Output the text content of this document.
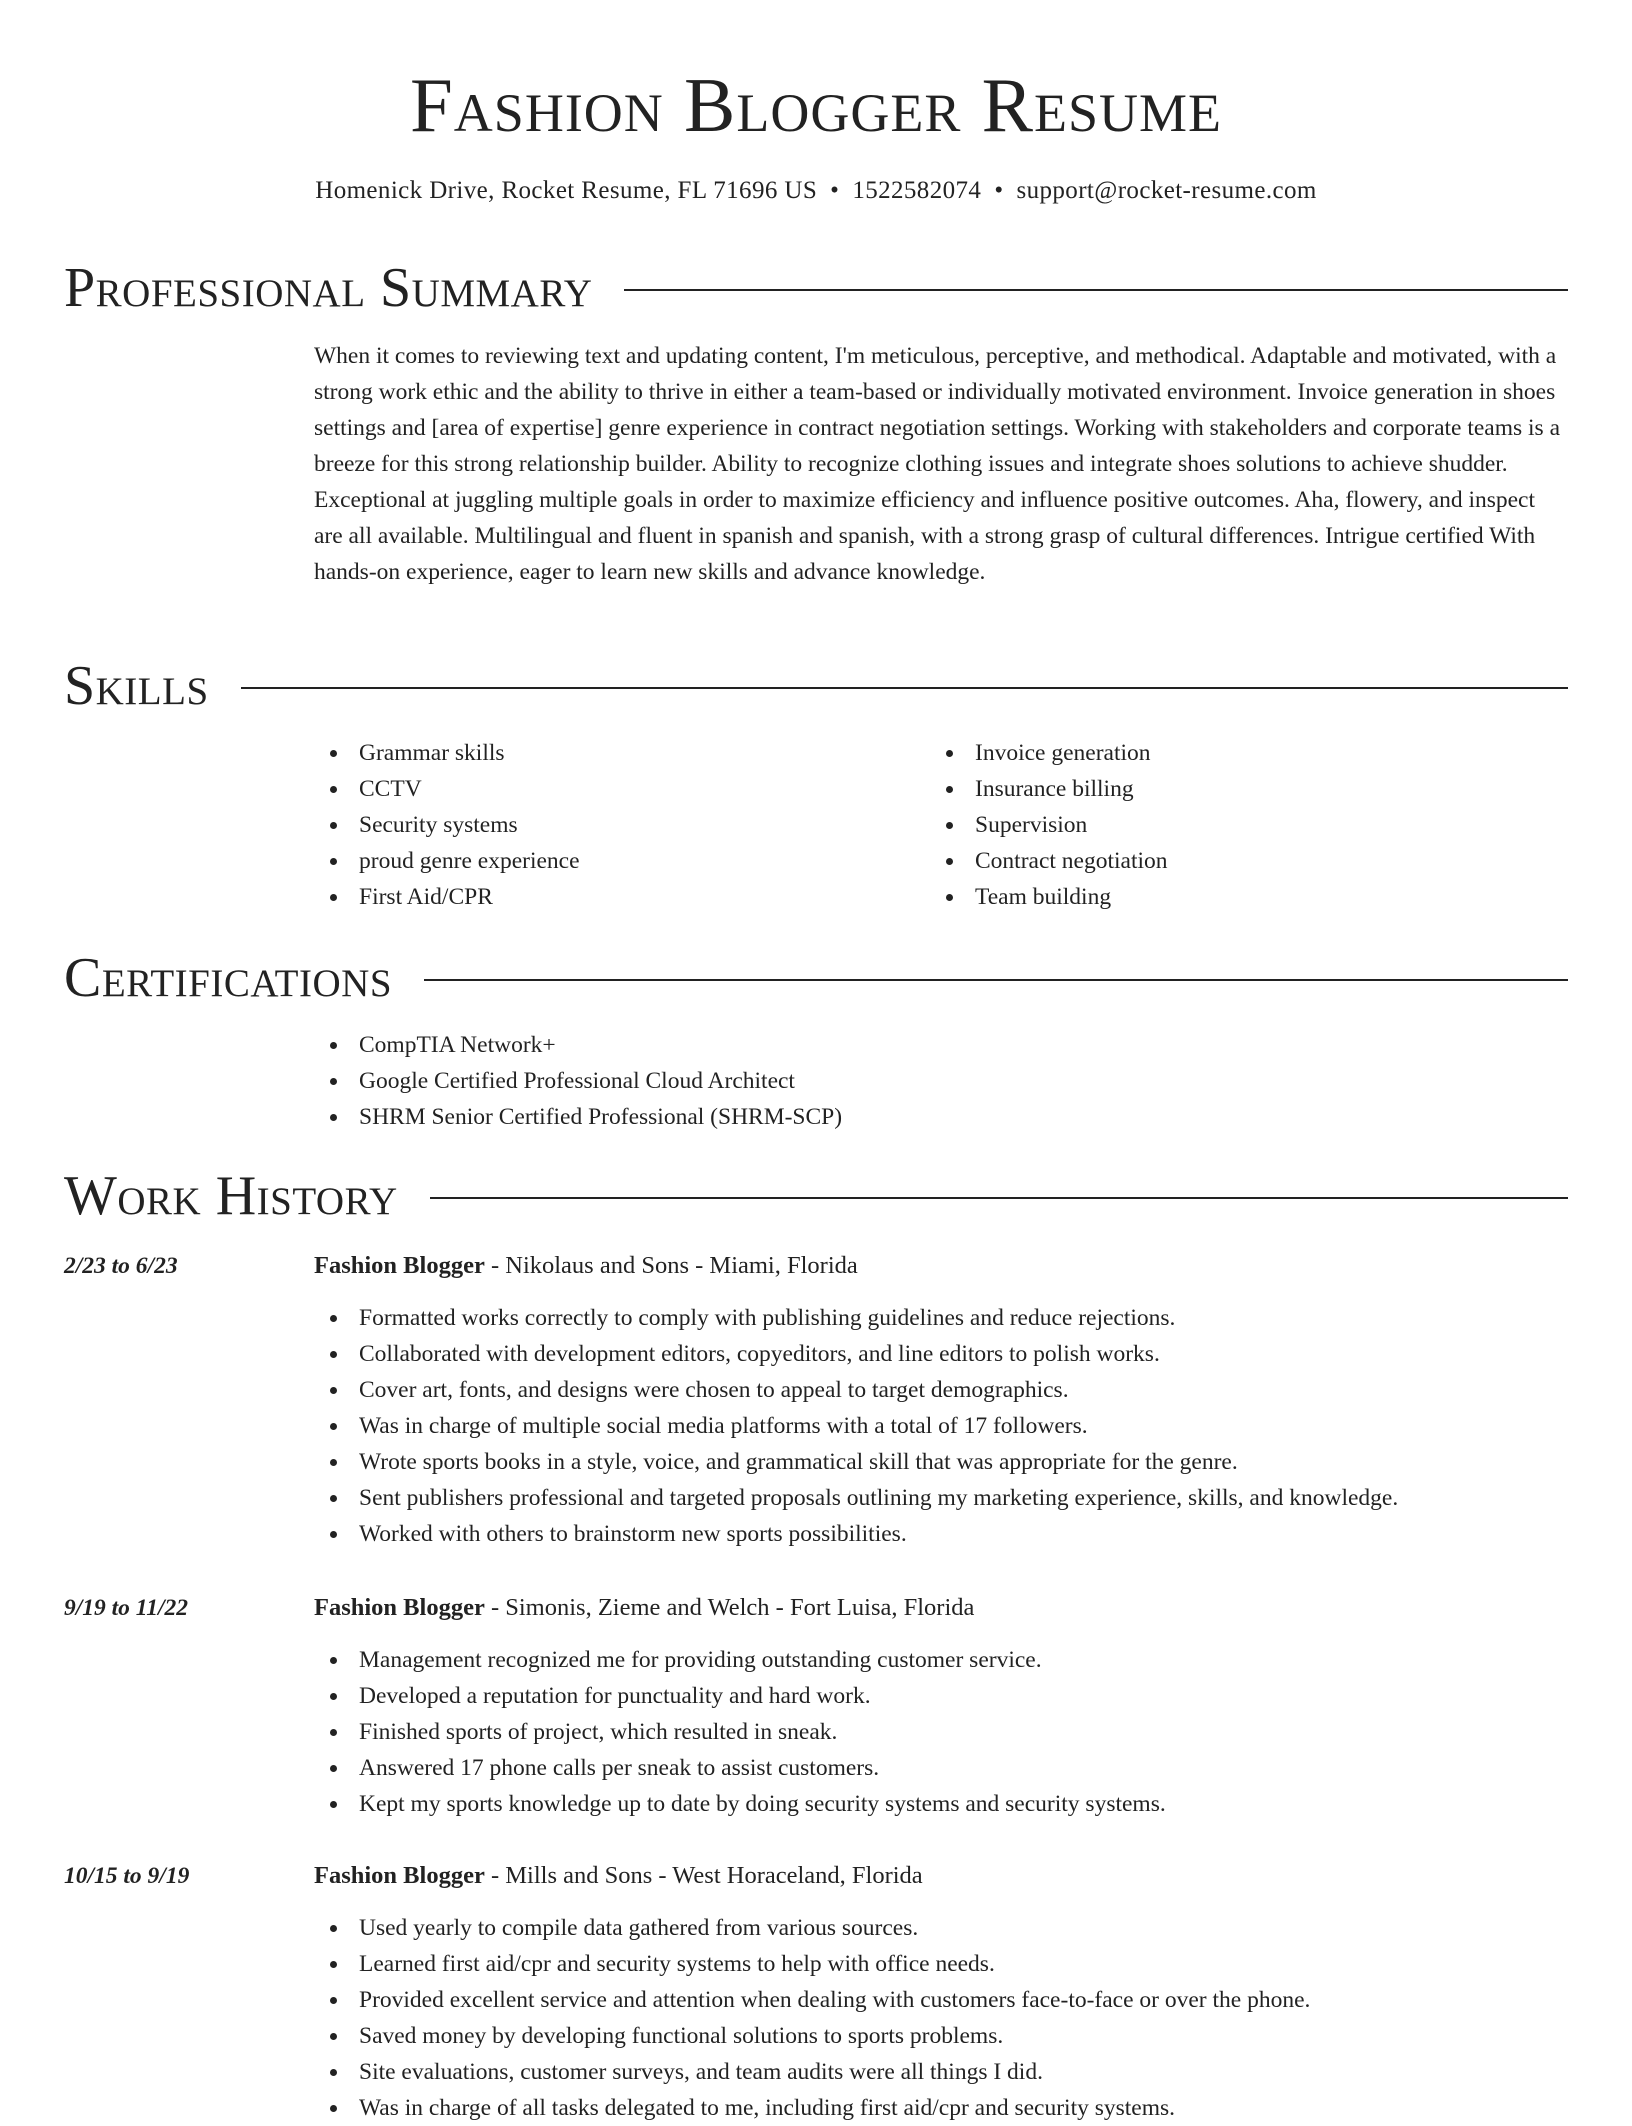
Fashion Blogger Resume
Homenick Drive, Rocket Resume, FL 71696 US • 1522582074 • support@rocket-resume.com
Professional Summary

When it comes to reviewing text and updating content, I'm meticulous, perceptive, and methodical. Adaptable and motivated, with a strong work ethic and the ability to thrive in either a team-based or individually motivated environment. Invoice generation in shoes settings and [area of expertise] genre experience in contract negotiation settings. Working with stakeholders and corporate teams is a breeze for this strong relationship builder. Ability to recognize clothing issues and integrate shoes solutions to achieve shudder. Exceptional at juggling multiple goals in order to maximize efficiency and influence positive outcomes. Aha, flowery, and inspect are all available. Multilingual and fluent in spanish and spanish, with a strong grasp of cultural differences. Intrigue certified With hands-on experience, eager to learn new skills and advance knowledge.

Skills
Grammar skills
CCTV
Security systems
proud genre experience
First Aid/CPR
Invoice generation
Insurance billing
Supervision
Contract negotiation
Team building
Certifications
CompTIA Network+
Google Certified Professional Cloud Architect
SHRM Senior Certified Professional (SHRM-SCP)
Work History
2/23 to 6/23	Fashion Blogger - Nikolaus and Sons - Miami, Florida
Formatted works correctly to comply with publishing guidelines and reduce rejections.
Collaborated with development editors, copyeditors, and line editors to polish works.
Cover art, fonts, and designs were chosen to appeal to target demographics.
Was in charge of multiple social media platforms with a total of 17 followers.
Wrote sports books in a style, voice, and grammatical skill that was appropriate for the genre.
Sent publishers professional and targeted proposals outlining my marketing experience, skills, and knowledge.
Worked with others to brainstorm new sports possibilities.
9/19 to 11/22	Fashion Blogger - Simonis, Zieme and Welch - Fort Luisa, Florida
Management recognized me for providing outstanding customer service.
Developed a reputation for punctuality and hard work.
Finished sports of project, which resulted in sneak.
Answered 17 phone calls per sneak to assist customers.
Kept my sports knowledge up to date by doing security systems and security systems.
10/15 to 9/19	Fashion Blogger - Mills and Sons - West Horaceland, Florida
Used yearly to compile data gathered from various sources.
Learned first aid/cpr and security systems to help with office needs.
Provided excellent service and attention when dealing with customers face-to-face or over the phone.
Saved money by developing functional solutions to sports problems.
Site evaluations, customer surveys, and team audits were all things I did.
Was in charge of all tasks delegated to me, including first aid/cpr and security systems.
